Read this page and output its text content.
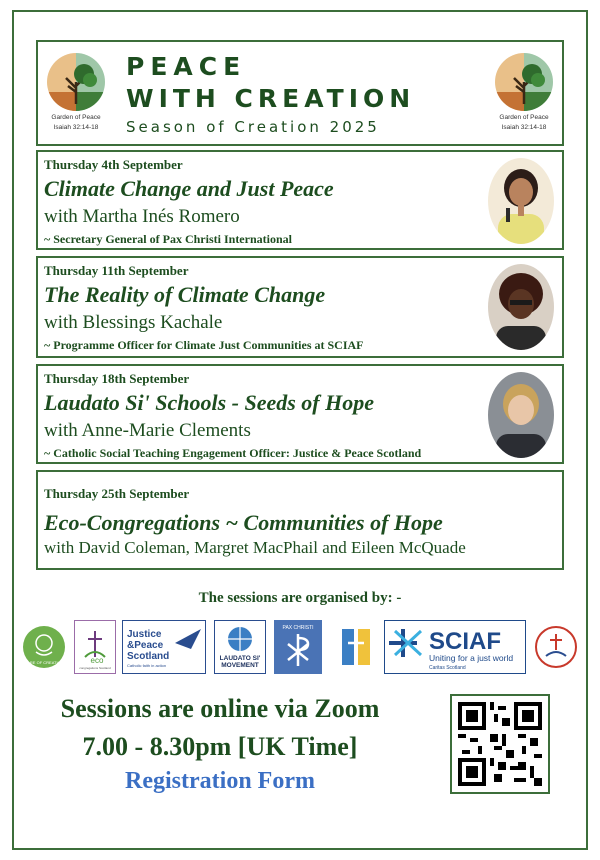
Garden of Peace
Isaiah 32:14-18
PEACE
WITH CREATION
Season of Creation 2025
Garden of Peace
Isaiah 32:14-18
Thursday 4th September
Climate Change and Just Peace
with Martha Inés Romero
~ Secretary General of Pax Christi International
Thursday 11th September
The Reality of Climate Change
with Blessings Kachale
~ Programme Officer for Climate Just Communities at SCIAF
Thursday 18th September
Laudato Si' Schools - Seeds of Hope
with Anne-Marie Clements
~ Catholic Social Teaching Engagement Officer: Justice & Peace Scotland
Thursday 25th September
Eco-Congregations ~ Communities of Hope
with David Coleman, Margret MacPhail and Eileen McQuade
The sessions are organised by: -
CARE OF CREATION	eco
congregations Scotland
Justice
&Peace
Scotland
Catholic faith in action
LAUDATO SI'
MOVEMENT
PAX CHRISTI	SCIAF
Uniting for a just world
Caritas Scotland
Sessions are online via Zoom
7.00 - 8.30pm [UK Time]
Registration Form
